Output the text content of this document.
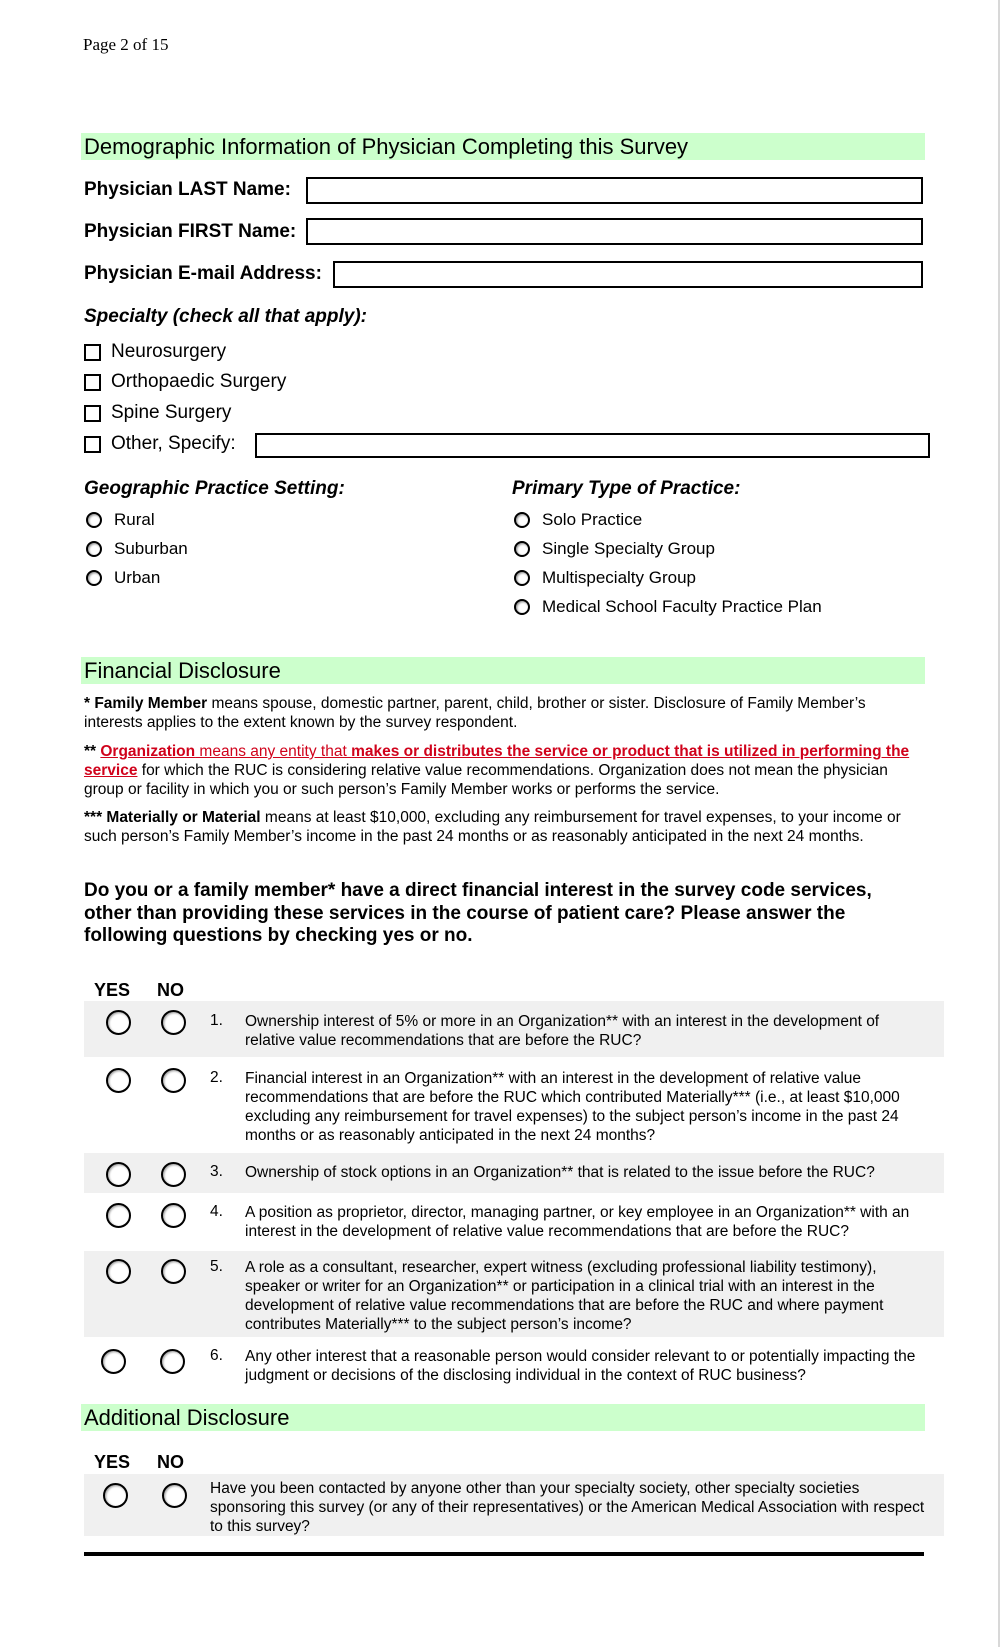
Page 2 of 15
Demographic Information of Physician Completing this Survey
Physician LAST Name:
Physician FIRST Name:
Physician E-mail Address:
Specialty (check all that apply):
Neurosurgery
Orthopaedic Surgery
Spine Surgery
Other, Specify:
Geographic Practice Setting:	Primary Type of Practice:
Rural
Suburban
Urban
Solo Practice
Single Specialty Group
Multispecialty Group
Medical School Faculty Practice Plan
Financial Disclosure
* Family Member means spouse, domestic partner, parent, child, brother or sister. Disclosure of Family Member’s interests applies to the extent known by the survey respondent.
** Organization means any entity that makes or distributes the service or product that is utilized in performing the service for which the RUC is considering relative value recommendations. Organization does not mean the physician group or facility in which you or such person’s Family Member works or performs the service.
*** Materially or Material means at least $10,000, excluding any reimbursement for travel expenses, to your income or such person’s Family Member’s income in the past 24 months or as reasonably anticipated in the next 24 months.
Do you or a family member* have a direct financial interest in the survey code services, other than providing these services in the course of patient care? Please answer the following questions by checking yes or no.
YES NO
1. Ownership interest of 5% or more in an Organization** with an interest in the development of relative value recommendations that are before the RUC?
2. Financial interest in an Organization** with an interest in the development of relative value recommendations that are before the RUC which contributed Materially*** (i.e., at least $10,000 excluding any reimbursement for travel expenses) to the subject person’s income in the past 24 months or as reasonably anticipated in the next 24 months?
3. Ownership of stock options in an Organization** that is related to the issue before the RUC?
4. A position as proprietor, director, managing partner, or key employee in an Organization** with an interest in the development of relative value recommendations that are before the RUC?
5. A role as a consultant, researcher, expert witness (excluding professional liability testimony), speaker or writer for an Organization** or participation in a clinical trial with an interest in the development of relative value recommendations that are before the RUC and where payment contributes Materially*** to the subject person’s income?
6. Any other interest that a reasonable person would consider relevant to or potentially impacting the judgment or decisions of the disclosing individual in the context of RUC business?
Additional Disclosure
YES NO
Have you been contacted by anyone other than your specialty society, other specialty societies sponsoring this survey (or any of their representatives) or the American Medical Association with respect to this survey?
